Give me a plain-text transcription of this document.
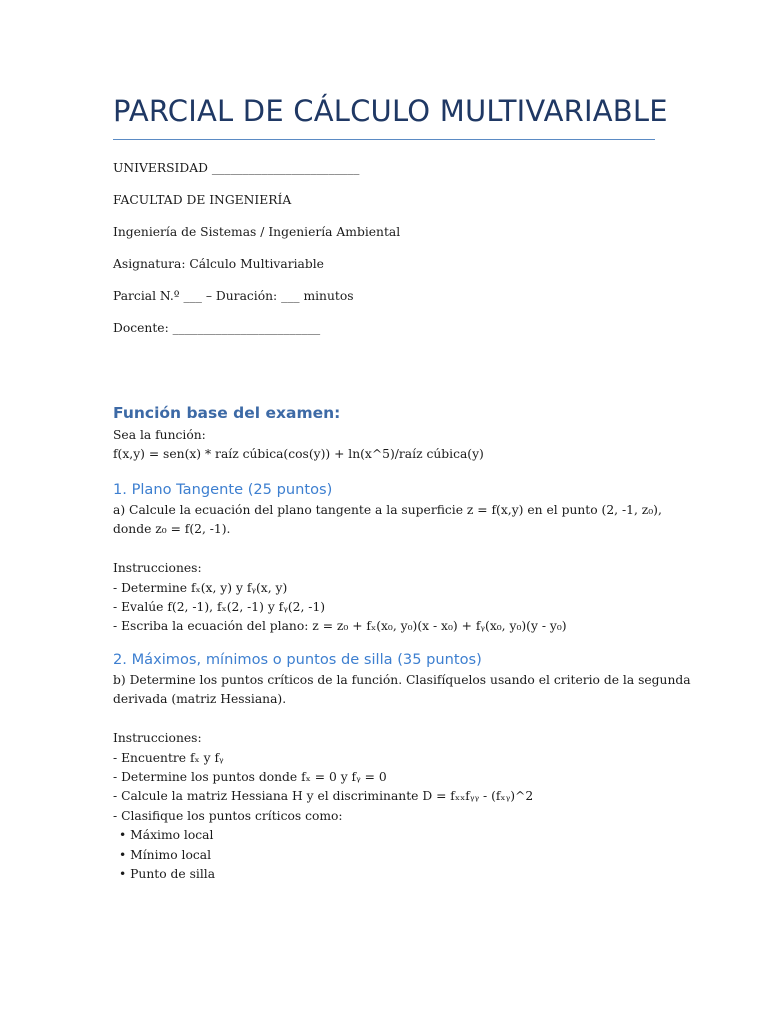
PARCIAL DE CÁLCULO MULTIVARIABLE
UNIVERSIDAD ________________________
FACULTAD DE INGENIERÍA
Ingeniería de Sistemas / Ingeniería Ambiental
Asignatura: Cálculo Multivariable
Parcial N.º ___ – Duración: ___ minutos
Docente: ________________________
Función base del examen:
Sea la función:
f(x,y) = sen(x) * raíz cúbica(cos(y)) + ln(x^5)/raíz cúbica(y)
1. Plano Tangente (25 puntos)
a) Calcule la ecuación del plano tangente a la superficie z = f(x,y) en el punto (2, -1, z₀),
donde z₀ = f(2, -1).
Instrucciones:
- Determine fₓ(x, y) y fᵧ(x, y)
- Evalúe f(2, -1), fₓ(2, -1) y fᵧ(2, -1)
- Escriba la ecuación del plano: z = z₀ + fₓ(x₀, y₀)(x - x₀) + fᵧ(x₀, y₀)(y - y₀)
2. Máximos, mínimos o puntos de silla (35 puntos)
b) Determine los puntos críticos de la función. Clasifíquelos usando el criterio de la segunda
derivada (matriz Hessiana).
Instrucciones:
- Encuentre fₓ y fᵧ
- Determine los puntos donde fₓ = 0 y fᵧ = 0
- Calcule la matriz Hessiana H y el discriminante D = fₓₓfᵧᵧ - (fₓᵧ)^2
- Clasifique los puntos críticos como:
• Máximo local
• Mínimo local
• Punto de silla
